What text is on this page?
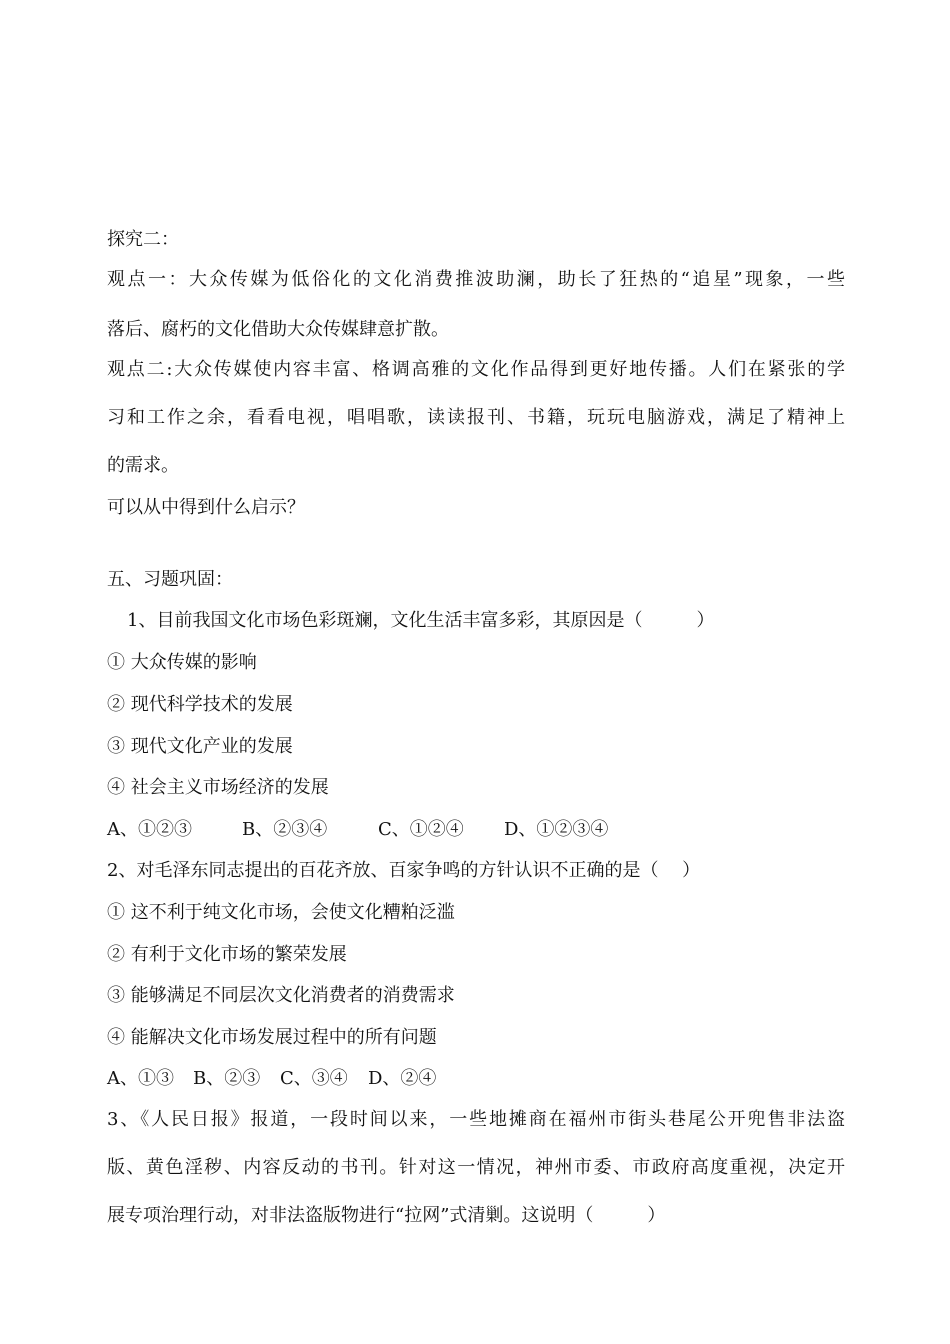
探究二：
观点一：大众传媒为低俗化的文化消费推波助澜，助长了狂热的“追星”现象，一些
落后、腐朽的文化借助大众传媒肆意扩散。
观点二:大众传媒使内容丰富、格调高雅的文化作品得到更好地传播。人们在紧张的学
习和工作之余，看看电视，唱唱歌，读读报刊、书籍，玩玩电脑游戏，满足了精神上
的需求。
可以从中得到什么启示？
五、习题巩固：
1、目前我国文化市场色彩斑斓，文化生活丰富多彩，其原因是（　　　）
① 大众传媒的影响
② 现代科学技术的发展
③ 现代文化产业的发展
④ 社会主义市场经济的发展
A、①②③	B、②③④	C、①②④ D、①②③④
2、对毛泽东同志提出的百花齐放、百家争鸣的方针认识不正确的是（　 ）
① 这不利于纯文化市场，会使文化糟粕泛滥
② 有利于文化市场的繁荣发展
③ 能够满足不同层次文化消费者的消费需求
④ 能解决文化市场发展过程中的所有问题
A、①③ B、②③ C、③④ D、②④
3、《人民日报》报道，一段时间以来，一些地摊商在福州市街头巷尾公开兜售非法盗
版、黄色淫秽、内容反动的书刊。针对这一情况，神州市委、市政府高度重视，决定开
展专项治理行动，对非法盗版物进行“拉网”式清剿。这说明（　　　）
